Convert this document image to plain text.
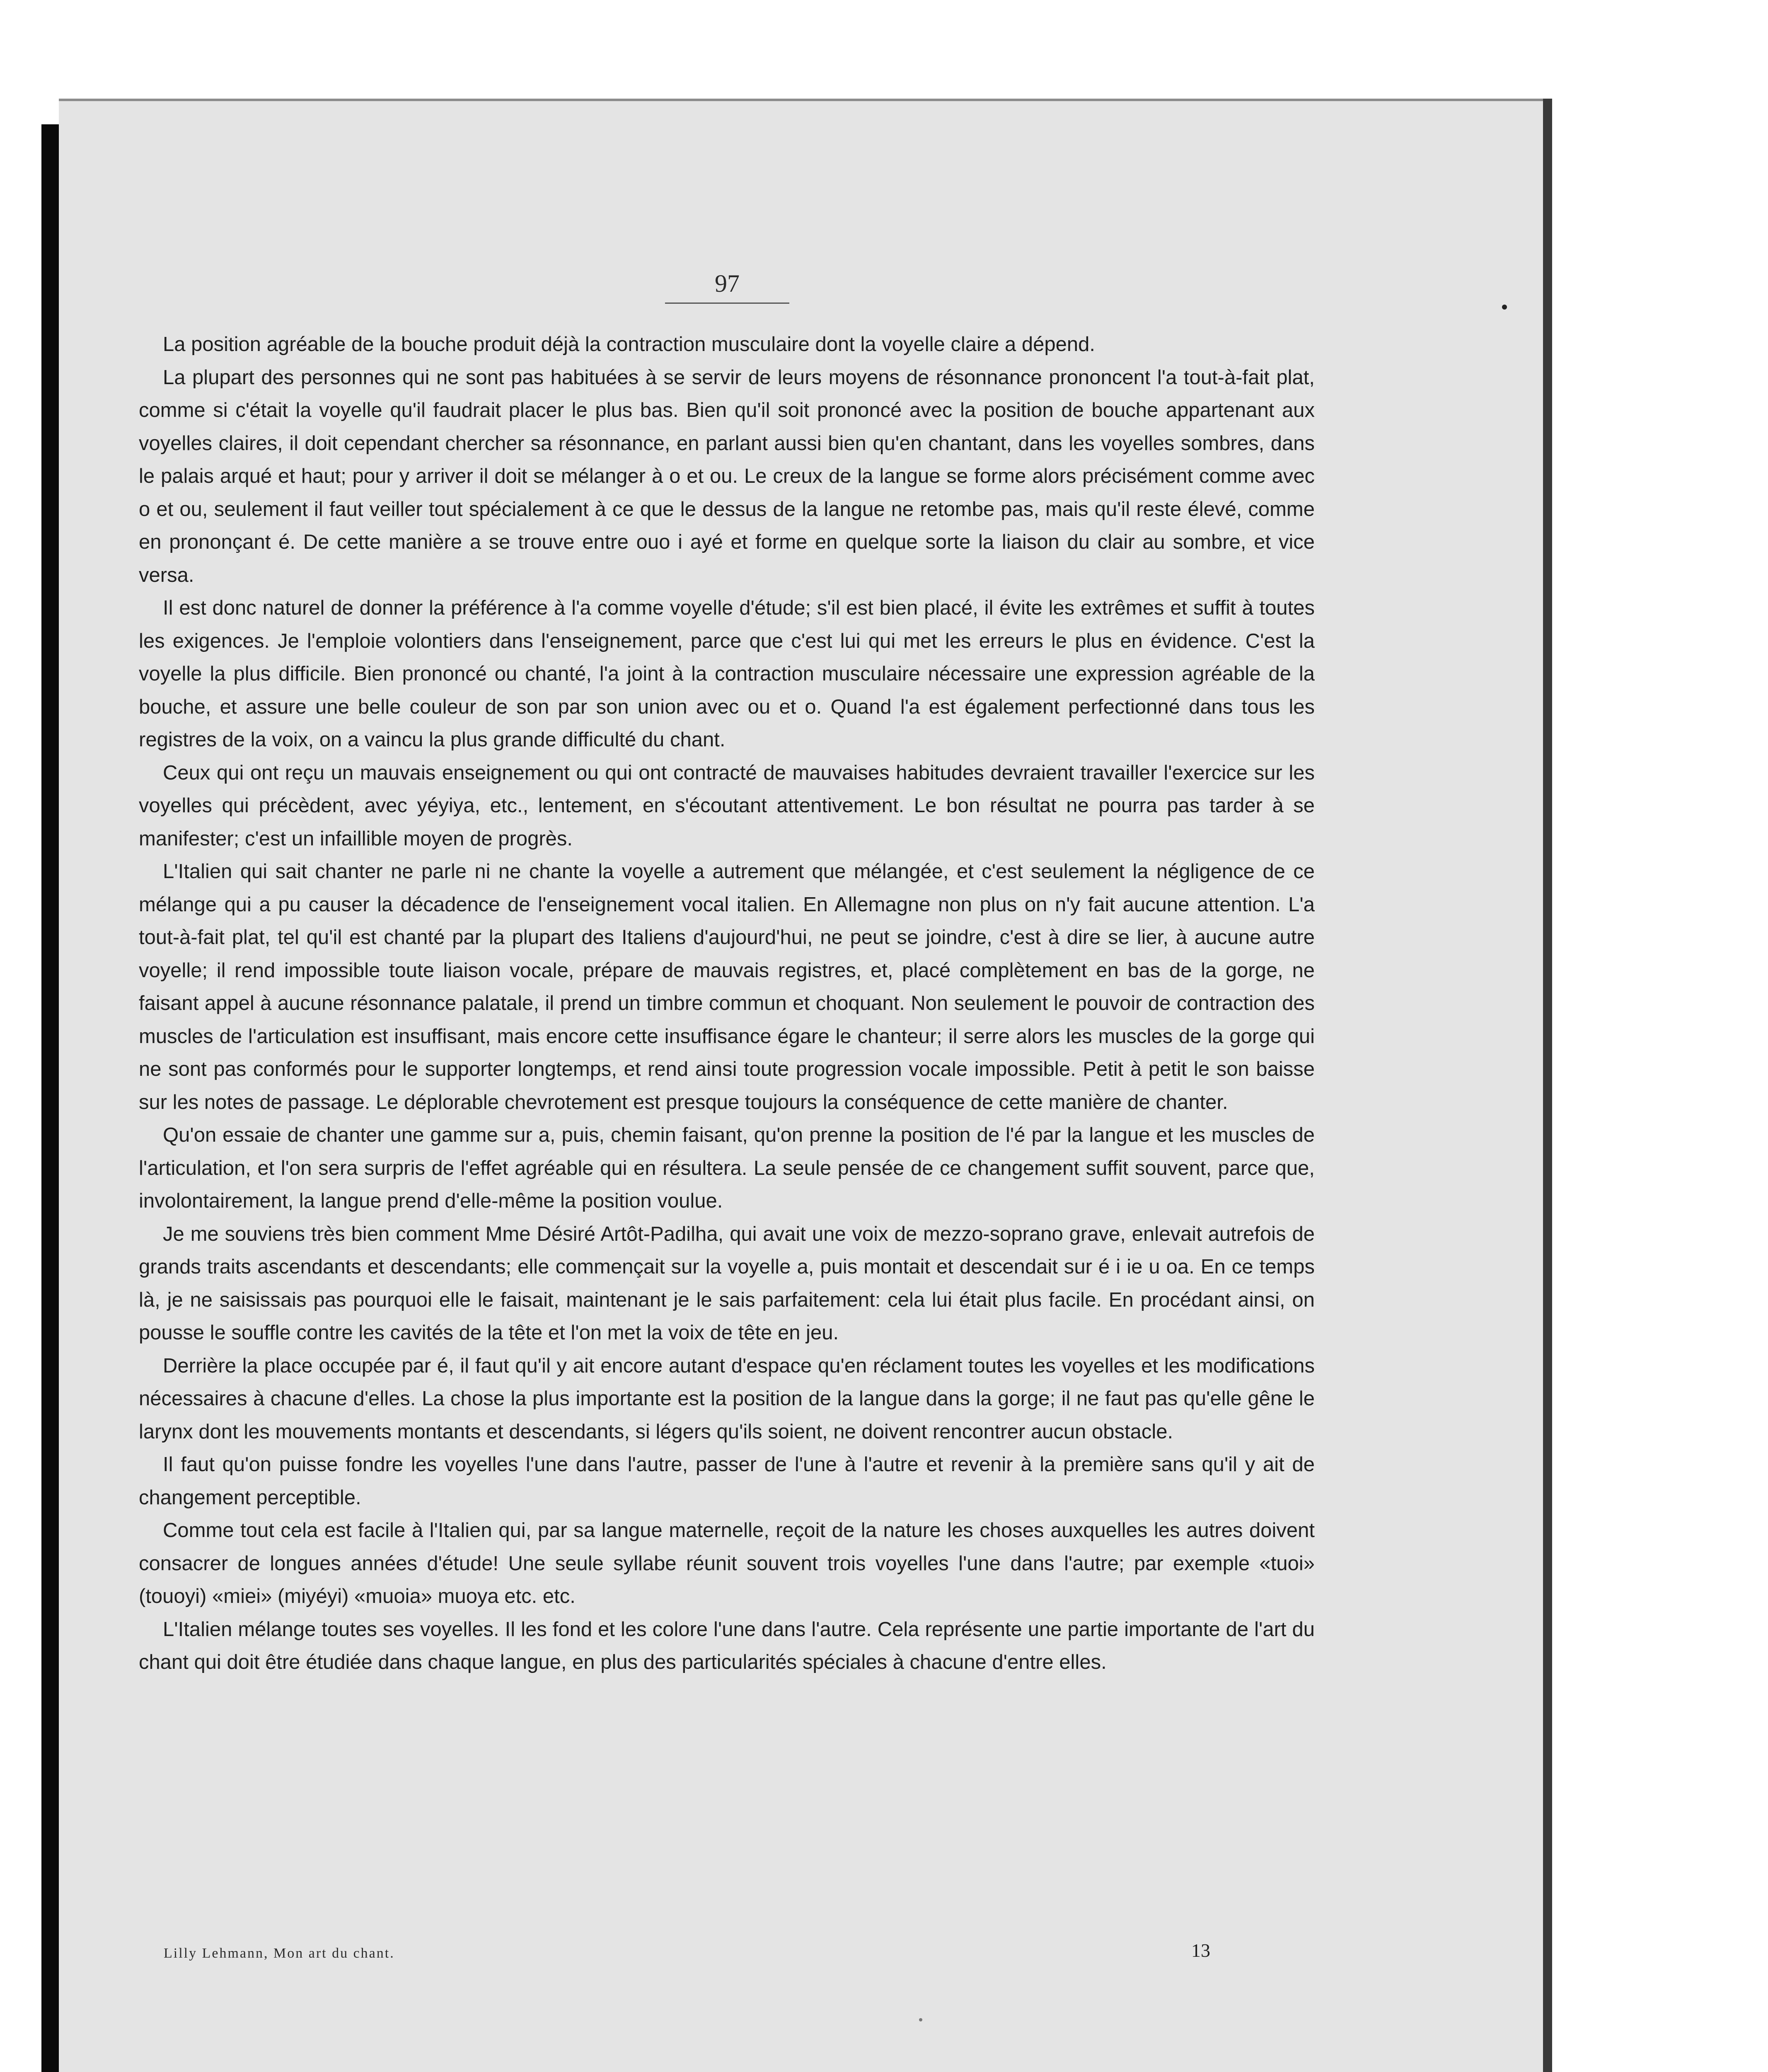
97

La position agréable de la bouche produit déjà la contraction musculaire dont la voyelle claire a dépend.

La plupart des personnes qui ne sont pas habituées à se servir de leurs moyens de résonnance prononcent l'a tout-à-fait plat, comme si c'était la voyelle qu'il faudrait placer le plus bas. Bien qu'il soit prononcé avec la position de bouche appartenant aux voyelles claires, il doit cependant chercher sa résonnance, en parlant aussi bien qu'en chantant, dans les voyelles sombres, dans le palais arqué et haut; pour y arriver il doit se mélanger à o et ou. Le creux de la langue se forme alors précisément comme avec o et ou, seulement il faut veiller tout spécialement à ce que le dessus de la langue ne retombe pas, mais qu'il reste élevé, comme en prononçant é. De cette manière a se trouve entre ouo i ayé et forme en quelque sorte la liaison du clair au sombre, et vice versa.

Il est donc naturel de donner la préférence à l'a comme voyelle d'étude; s'il est bien placé, il évite les extrêmes et suffit à toutes les exigences. Je l'emploie volontiers dans l'enseignement, parce que c'est lui qui met les erreurs le plus en évidence. C'est la voyelle la plus difficile. Bien prononcé ou chanté, l'a joint à la contraction musculaire nécessaire une expression agréable de la bouche, et assure une belle couleur de son par son union avec ou et o. Quand l'a est également perfectionné dans tous les registres de la voix, on a vaincu la plus grande difficulté du chant.

Ceux qui ont reçu un mauvais enseignement ou qui ont contracté de mauvaises habitudes devraient travailler l'exercice sur les voyelles qui précèdent, avec yéyiya, etc., lentement, en s'écoutant attentivement. Le bon résultat ne pourra pas tarder à se manifester; c'est un infaillible moyen de progrès.

L'Italien qui sait chanter ne parle ni ne chante la voyelle a autrement que mélangée, et c'est seulement la négligence de ce mélange qui a pu causer la décadence de l'enseignement vocal italien. En Allemagne non plus on n'y fait aucune attention. L'a tout-à-fait plat, tel qu'il est chanté par la plupart des Italiens d'aujourd'hui, ne peut se joindre, c'est à dire se lier, à aucune autre voyelle; il rend impossible toute liaison vocale, prépare de mauvais registres, et, placé complètement en bas de la gorge, ne faisant appel à aucune résonnance palatale, il prend un timbre commun et choquant. Non seulement le pouvoir de contraction des muscles de l'articulation est insuffisant, mais encore cette insuffisance égare le chanteur; il serre alors les muscles de la gorge qui ne sont pas conformés pour le supporter longtemps, et rend ainsi toute progression vocale impossible. Petit à petit le son baisse sur les notes de passage. Le déplorable chevrotement est presque toujours la conséquence de cette manière de chanter.

Qu'on essaie de chanter une gamme sur a, puis, chemin faisant, qu'on prenne la position de l'é par la langue et les muscles de l'articulation, et l'on sera surpris de l'effet agréable qui en résultera. La seule pensée de ce changement suffit souvent, parce que, involontairement, la langue prend d'elle-même la position voulue.

Je me souviens très bien comment Mme Désiré Artôt-Padilha, qui avait une voix de mezzo-soprano grave, enlevait autrefois de grands traits ascendants et descendants; elle commençait sur la voyelle a, puis montait et descendait sur é i ie u oa. En ce temps là, je ne saisissais pas pourquoi elle le faisait, maintenant je le sais parfaitement: cela lui était plus facile. En procédant ainsi, on pousse le souffle contre les cavités de la tête et l'on met la voix de tête en jeu.

Derrière la place occupée par é, il faut qu'il y ait encore autant d'espace qu'en réclament toutes les voyelles et les modifications nécessaires à chacune d'elles. La chose la plus importante est la position de la langue dans la gorge; il ne faut pas qu'elle gêne le larynx dont les mouvements montants et descendants, si légers qu'ils soient, ne doivent rencontrer aucun obstacle.

Il faut qu'on puisse fondre les voyelles l'une dans l'autre, passer de l'une à l'autre et revenir à la première sans qu'il y ait de changement perceptible.

Comme tout cela est facile à l'Italien qui, par sa langue maternelle, reçoit de la nature les choses auxquelles les autres doivent consacrer de longues années d'étude! Une seule syllabe réunit souvent trois voyelles l'une dans l'autre; par exemple «tuoi» (touoyi) «miei» (miyéyi) «muoia» muoya etc. etc.

L'Italien mélange toutes ses voyelles. Il les fond et les colore l'une dans l'autre. Cela représente une partie importante de l'art du chant qui doit être étudiée dans chaque langue, en plus des particularités spéciales à chacune d'entre elles.

Lilly Lehmann, Mon art du chant.	13
